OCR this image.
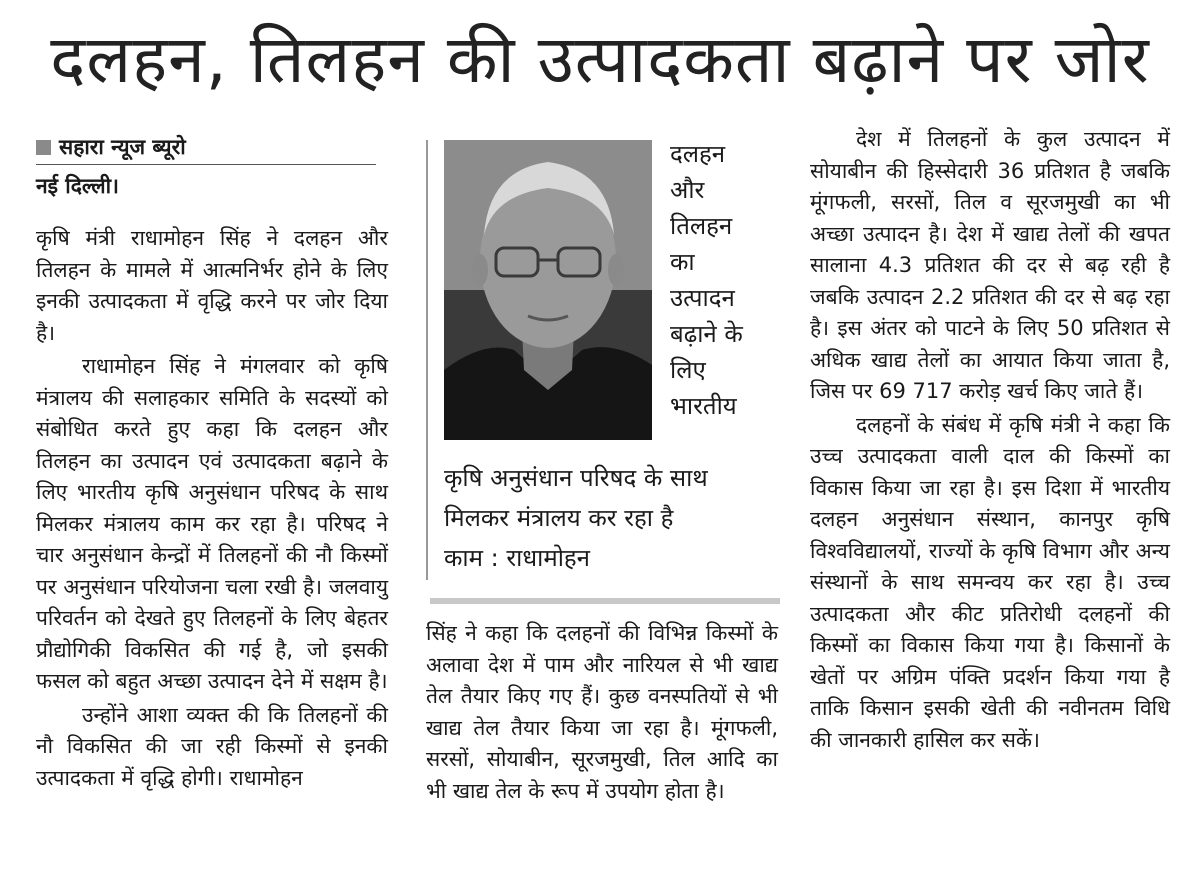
दलहन, तिलहन की उत्पादकता बढ़ाने पर जोर
सहारा न्यूज ब्यूरो
नई दिल्ली।

कृषि मंत्री राधामोहन सिंह ने दलहन और तिलहन के मामले में आत्मनिर्भर होने के लिए इनकी उत्पादकता में वृद्धि करने पर जोर दिया है।

राधामोहन सिंह ने मंगलवार को कृषि मंत्रालय की सलाहकार समिति के सदस्यों को संबोधित करते हुए कहा कि दलहन और तिलहन का उत्पादन एवं उत्पादकता बढ़ाने के लिए भारतीय कृषि अनुसंधान परिषद के साथ मिलकर मंत्रालय काम कर रहा है। परिषद ने चार अनुसंधान केन्द्रों में तिलहनों की नौ किस्मों पर अनुसंधान परियोजना चला रखी है। जलवायु परिवर्तन को देखते हुए तिलहनों के लिए बेहतर प्रौद्योगिकी विकसित की गई है, जो इसकी फसल को बहुत अच्छा उत्पादन देने में सक्षम है।

उन्होंने आशा व्यक्त की कि तिलहनों की नौ विकसित की जा रही किस्मों से इनकी उत्पादकता में वृद्धि होगी। राधामोहन

दलहन
और
तिलहन
का
उत्पादन
बढ़ाने के
लिए
भारतीय
कृषि अनुसंधान परिषद के साथ
मिलकर मंत्रालय कर रहा है
काम : राधामोहन

सिंह ने कहा कि दलहनों की विभिन्न किस्मों के अलावा देश में पाम और नारियल से भी खाद्य तेल तैयार किए गए हैं। कुछ वनस्पतियों से भी खाद्य तेल तैयार किया जा रहा है। मूंगफली, सरसों, सोयाबीन, सूरजमुखी, तिल आदि का भी खाद्य तेल के रूप में उपयोग होता है।

देश में तिलहनों के कुल उत्पादन में सोयाबीन की हिस्सेदारी 36 प्रतिशत है जबकि मूंगफली, सरसों, तिल व सूरजमुखी का भी अच्छा उत्पादन है। देश में खाद्य तेलों की खपत सालाना 4.3 प्रतिशत की दर से बढ़ रही है जबकि उत्पादन 2.2 प्रतिशत की दर से बढ़ रहा है। इस अंतर को पाटने के लिए 50 प्रतिशत से अधिक खाद्य तेलों का आयात किया जाता है, जिस पर 69 717 करोड़ खर्च किए जाते हैं।

दलहनों के संबंध में कृषि मंत्री ने कहा कि उच्च उत्पादकता वाली दाल की किस्मों का विकास किया जा रहा है। इस दिशा में भारतीय दलहन अनुसंधान संस्थान, कानपुर कृषि विश्वविद्यालयों, राज्यों के कृषि विभाग और अन्य संस्थानों के साथ समन्वय कर रहा है। उच्च उत्पादकता और कीट प्रतिरोधी दलहनों की किस्मों का विकास किया गया है। किसानों के खेतों पर अग्रिम पंक्ति प्रदर्शन किया गया है ताकि किसान इसकी खेती की नवीनतम विधि की जानकारी हासिल कर सकें।
